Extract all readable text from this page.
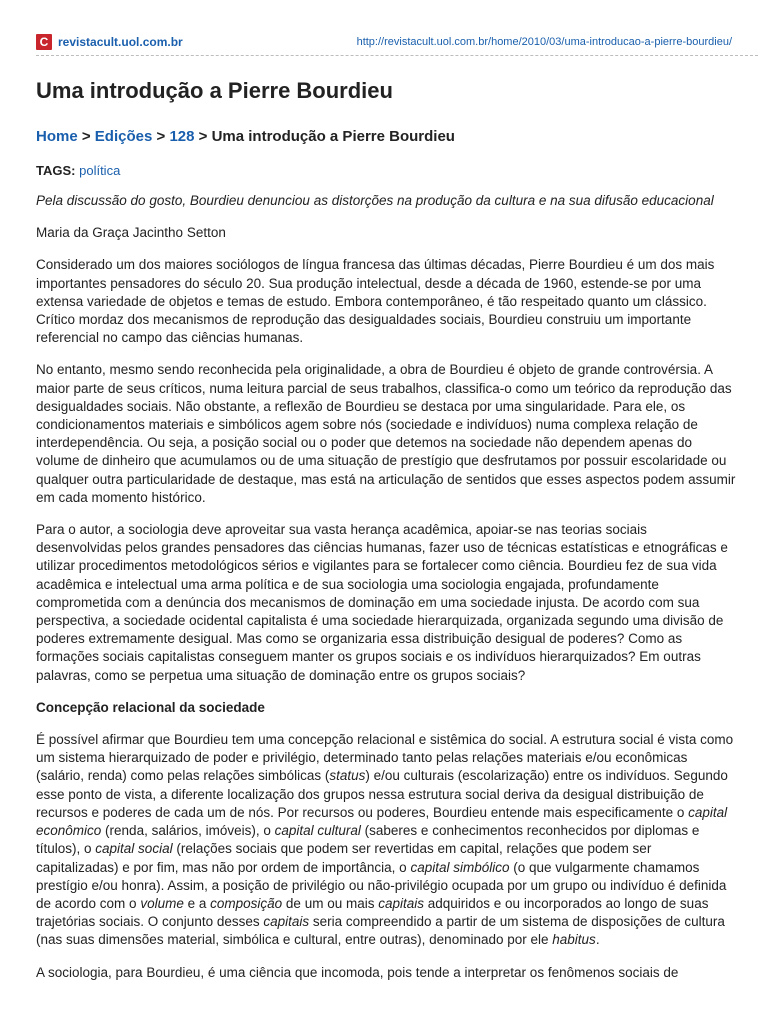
C revistacult.uol.com.br	http://revistacult.uol.com.br/home/2010/03/uma-introducao-a-pierre-bourdieu/
Uma introdução a Pierre Bourdieu
Home > Edições > 128 > Uma introdução a Pierre Bourdieu
TAGS: política

Pela discussão do gosto, Bourdieu denunciou as distorções na produção da cultura e na sua difusão educacional

Maria da Graça Jacintho Setton

Considerado um dos maiores sociólogos de língua francesa das últimas décadas, Pierre Bourdieu é um dos mais importantes pensadores do século 20. Sua produção intelectual, desde a década de 1960, estende-se por uma extensa variedade de objetos e temas de estudo. Embora contemporâneo, é tão respeitado quanto um clássico. Crítico mordaz dos mecanismos de reprodução das desigualdades sociais, Bourdieu construiu um importante referencial no campo das ciências humanas.

No entanto, mesmo sendo reconhecida pela originalidade, a obra de Bourdieu é objeto de grande controvérsia. A maior parte de seus críticos, numa leitura parcial de seus trabalhos, classifica-o como um teórico da reprodução das desigualdades sociais. Não obstante, a reflexão de Bourdieu se destaca por uma singularidade. Para ele, os condicionamentos materiais e simbólicos agem sobre nós (sociedade e indivíduos) numa complexa relação de interdependência. Ou seja, a posição social ou o poder que detemos na sociedade não dependem apenas do volume de dinheiro que acumulamos ou de uma situação de prestígio que desfrutamos por possuir escolaridade ou qualquer outra particularidade de destaque, mas está na articulação de sentidos que esses aspectos podem assumir em cada momento histórico.

Para o autor, a sociologia deve aproveitar sua vasta herança acadêmica, apoiar-se nas teorias sociais desenvolvidas pelos grandes pensadores das ciências humanas, fazer uso de técnicas estatísticas e etnográficas e utilizar procedimentos metodológicos sérios e vigilantes para se fortalecer como ciência. Bourdieu fez de sua vida acadêmica e intelectual uma arma política e de sua sociologia uma sociologia engajada, profundamente comprometida com a denúncia dos mecanismos de dominação em uma sociedade injusta. De acordo com sua perspectiva, a sociedade ocidental capitalista é uma sociedade hierarquizada, organizada segundo uma divisão de poderes extremamente desigual. Mas como se organizaria essa distribuição desigual de poderes? Como as formações sociais capitalistas conseguem manter os grupos sociais e os indivíduos hierarquizados? Em outras palavras, como se perpetua uma situação de dominação entre os grupos sociais?

Concepção relacional da sociedade

É possível afirmar que Bourdieu tem uma concepção relacional e sistêmica do social. A estrutura social é vista como um sistema hierarquizado de poder e privilégio, determinado tanto pelas relações materiais e/ou econômicas (salário, renda) como pelas relações simbólicas (status) e/ou culturais (escolarização) entre os indivíduos. Segundo esse ponto de vista, a diferente localização dos grupos nessa estrutura social deriva da desigual distribuição de recursos e poderes de cada um de nós. Por recursos ou poderes, Bourdieu entende mais especificamente o capital econômico (renda, salários, imóveis), o capital cultural (saberes e conhecimentos reconhecidos por diplomas e títulos), o capital social (relações sociais que podem ser revertidas em capital, relações que podem ser capitalizadas) e por fim, mas não por ordem de importância, o capital simbólico (o que vulgarmente chamamos prestígio e/ou honra). Assim, a posição de privilégio ou não-privilégio ocupada por um grupo ou indivíduo é definida de acordo com o volume e a composição de um ou mais capitais adquiridos e ou incorporados ao longo de suas trajetórias sociais. O conjunto desses capitais seria compreendido a partir de um sistema de disposições de cultura (nas suas dimensões material, simbólica e cultural, entre outras), denominado por ele habitus.

A sociologia, para Bourdieu, é uma ciência que incomoda, pois tende a interpretar os fenômenos sociais de
